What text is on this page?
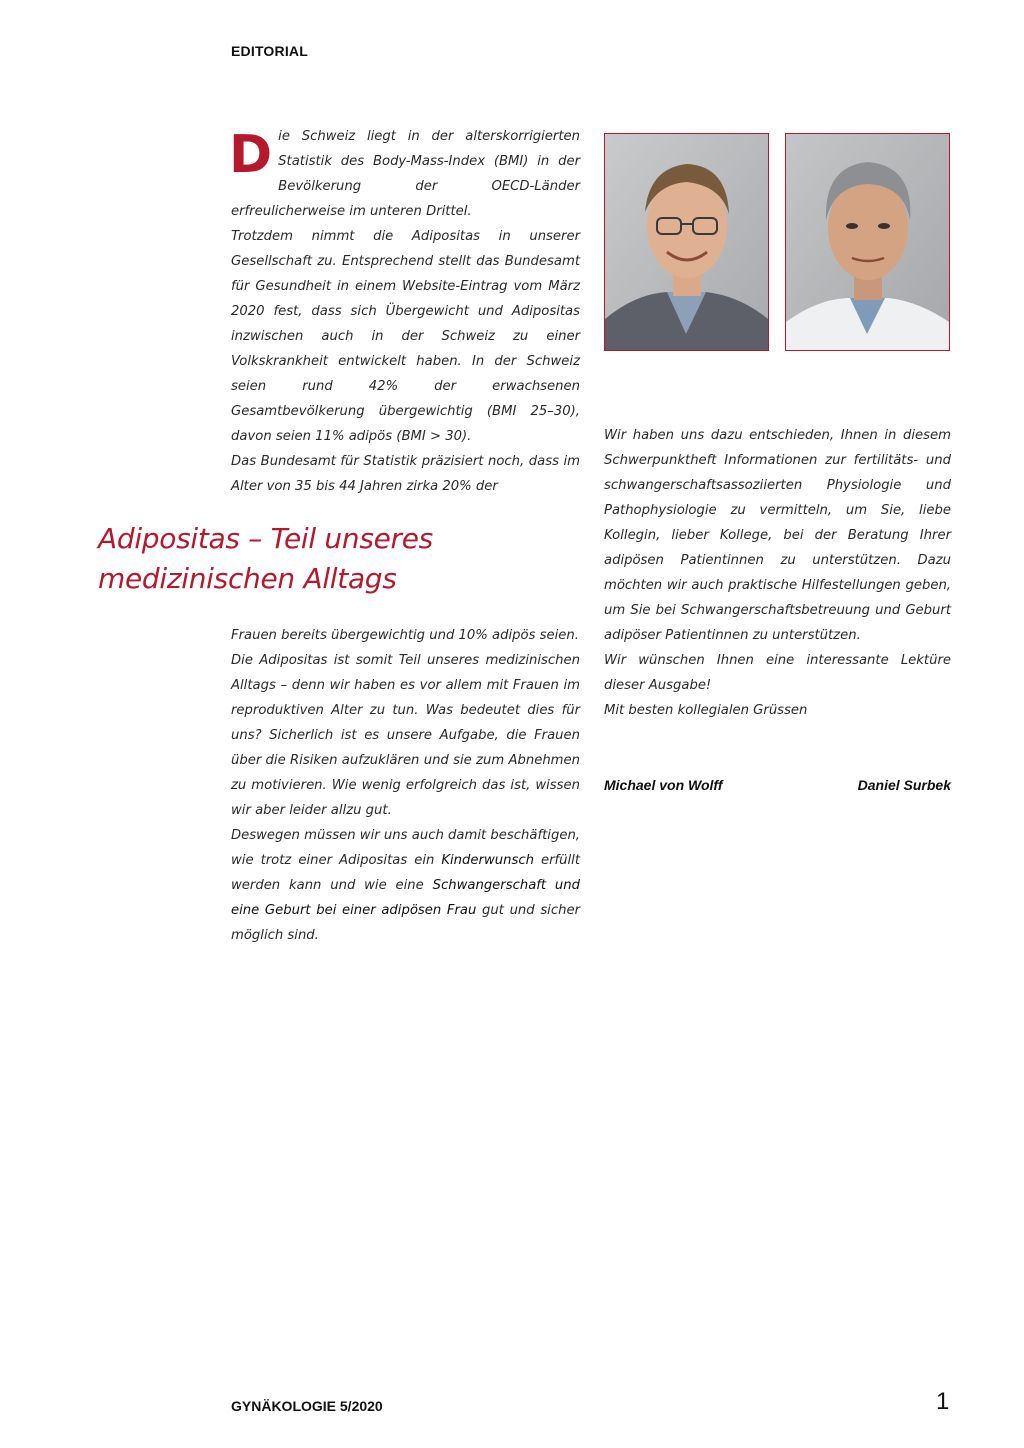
EDITORIAL

Die Schweiz liegt in der alterskorrigierten Statistik des Body-Mass-Index (BMI) in der Bevölkerung der OECD-Länder erfreulicherweise im unteren Drittel.

Trotzdem nimmt die Adipositas in unserer Gesellschaft zu. Entsprechend stellt das Bundesamt für Gesundheit in einem Website-Eintrag vom März 2020 fest, dass sich Übergewicht und Adipositas inzwischen auch in der Schweiz zu einer Volkskrankheit entwickelt haben. In der Schweiz seien rund 42% der erwachsenen Gesamtbevölkerung übergewichtig (BMI 25–30), davon seien 11% adipös (BMI > 30).

Das Bundesamt für Statistik präzisiert noch, dass im Alter von 35 bis 44 Jahren zirka 20% der

Adipositas – Teil unseres
medizinischen Alltags

Frauen bereits übergewichtig und 10% adipös seien.

Die Adipositas ist somit Teil unseres medizinischen Alltags – denn wir haben es vor allem mit Frauen im reproduktiven Alter zu tun. Was bedeutet dies für uns? Sicherlich ist es unsere Aufgabe, die Frauen über die Risiken aufzuklären und sie zum Abnehmen zu motivieren. Wie wenig erfolgreich das ist, wissen wir aber leider allzu gut.

Deswegen müssen wir uns auch damit beschäftigen, wie trotz einer Adipositas ein Kinderwunsch erfüllt werden kann und wie eine Schwangerschaft und eine Geburt bei einer adipösen Frau gut und sicher möglich sind.

Wir haben uns dazu entschieden, Ihnen in diesem Schwerpunktheft Informationen zur fertilitäts- und schwangerschaftsassoziierten Physiologie und Pathophysiologie zu vermitteln, um Sie, liebe Kollegin, lieber Kollege, bei der Beratung Ihrer adipösen Patientinnen zu unterstützen. Dazu möchten wir auch praktische Hilfestellungen geben, um Sie bei Schwangerschaftsbetreuung und Geburt adipöser Patientinnen zu unterstützen.

Wir wünschen Ihnen eine interessante Lektüre dieser Ausgabe!

Mit besten kollegialen Grüssen

Michael von Wolff	Daniel Surbek
GYNÄKOLOGIE 5/2020	1
